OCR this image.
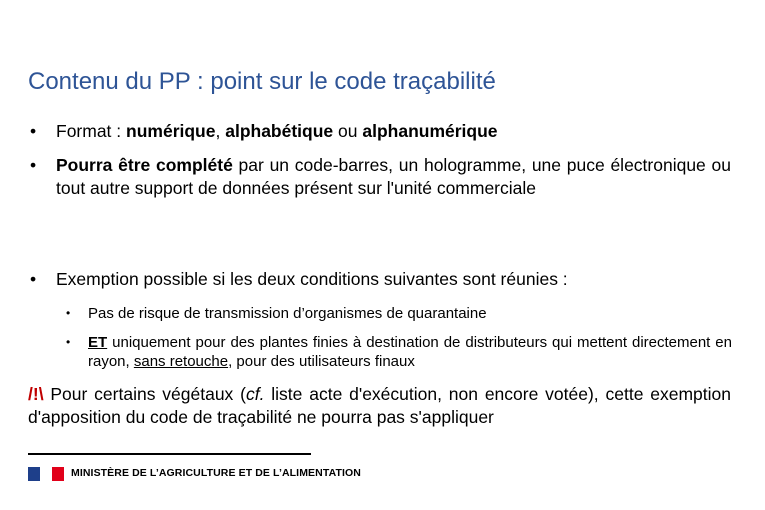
Contenu du PP : point sur le code traçabilité
• Format : numérique, alphabétique ou alphanumérique
• Pourra être complété par un code-barres, un hologramme, une puce électronique ou tout autre support de données présent sur l'unité commerciale
• Exemption possible si les deux conditions suivantes sont réunies :
• Pas de risque de transmission d’organismes de quarantaine
• ET uniquement pour des plantes finies à destination de distributeurs qui mettent directement en rayon, sans retouche, pour des utilisateurs finaux
/!\ Pour certains végétaux (cf. liste acte d'exécution, non encore votée), cette exemption d'apposition du code de traçabilité ne pourra pas s'appliquer
MINISTÈRE DE L’AGRICULTURE ET DE L’ALIMENTATION
